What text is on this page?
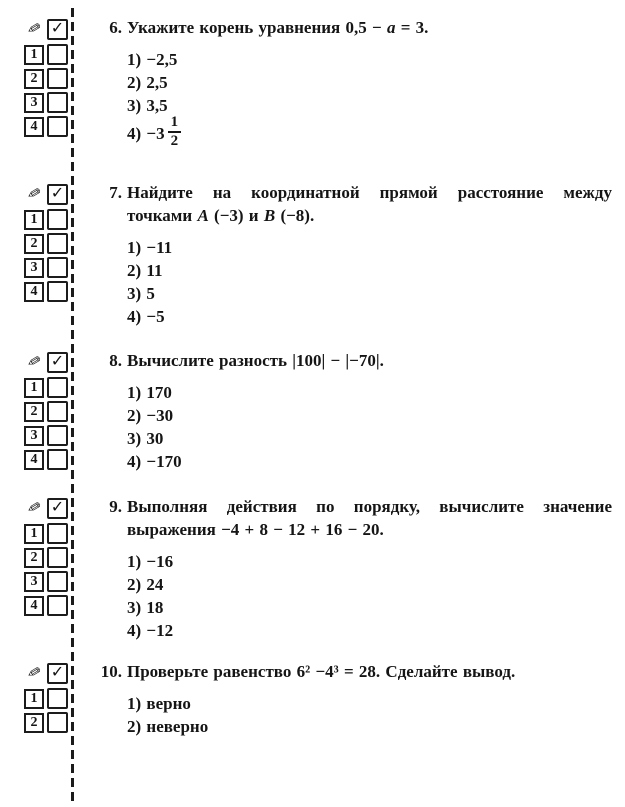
✎ ✓
1
2
3
4
6. Укажите корень уравнения 0,5 − a = 3.
1) −2,5
2) 2,5
3) 3,5
$4) -3 \frac{1}{2}$
✎ ✓
1
2
3
4
7. Найдите на координатной прямой расстояние между
точками A (−3) и B (−8).
1) −11
2) 11
3) 5
4) −5
✎ ✓
1
2
3
4
8. Вычислите разность |100| − |−70|.
1) 170
2) −30
3) 30
4) −170
✎ ✓
1
2
3
4
9. Выполняя действия по порядку, вычислите значение
выражения −4 + 8 − 12 + 16 − 20.
1) −16
2) 24
3) 18
4) −12
✎ ✓
1
2
10. Проверьте равенство 6² −4³ = 28. Сделайте вывод.
1) верно
2) неверно
